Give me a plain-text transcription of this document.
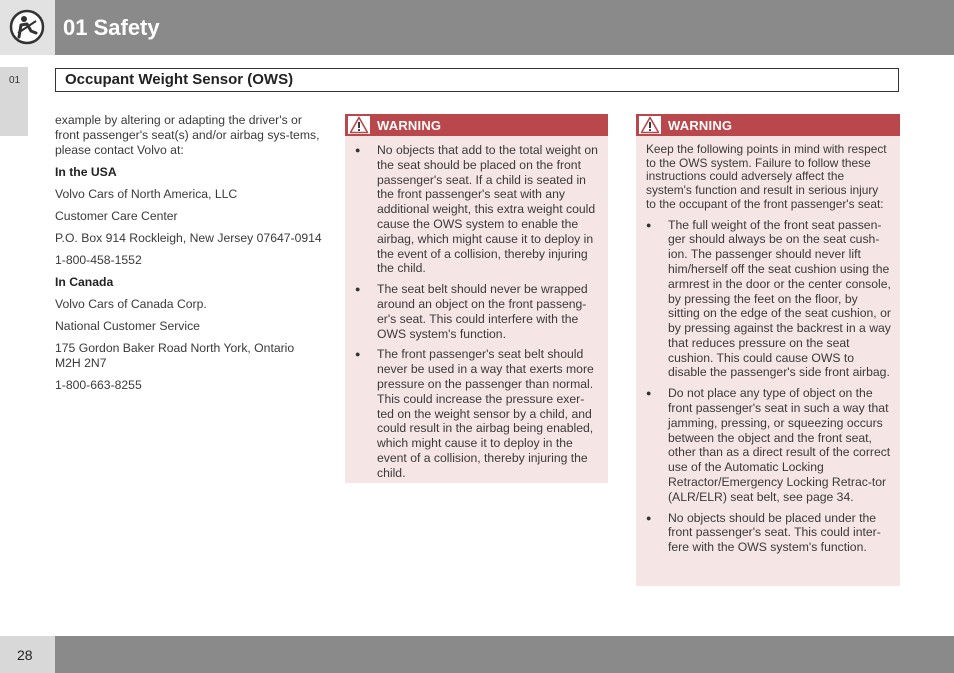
01 Safety
01	Occupant Weight Sensor (OWS)

example by altering or adapting the driver's or front passenger's seat(s) and/or airbag sys-tems, please contact Volvo at:

In the USA

Volvo Cars of North America, LLC

Customer Care Center

P.O. Box 914 Rockleigh, New Jersey 07647-0914

1-800-458-1552

In Canada

Volvo Cars of Canada Corp.

National Customer Service

175 Gordon Baker Road North York, Ontario M2H 2N7

1-800-663-8255

WARNING
● No objects that add to the total weight on the seat should be placed on the front passenger's seat. If a child is seated in the front passenger's seat with any additional weight, this extra weight could cause the OWS system to enable the airbag, which might cause it to deploy in the event of a collision, thereby injuring the child.
● The seat belt should never be wrapped around an object on the front passeng-er's seat. This could interfere with the OWS system's function.
● The front passenger's seat belt should never be used in a way that exerts more pressure on the passenger than normal. This could increase the pressure exer-ted on the weight sensor by a child, and could result in the airbag being enabled, which might cause it to deploy in the event of a collision, thereby injuring the child.
WARNING

Keep the following points in mind with respect to the OWS system. Failure to follow these instructions could adversely affect the system's function and result in serious injury to the occupant of the front passenger's seat:

● The full weight of the front seat passen-ger should always be on the seat cush-ion. The passenger should never lift him/herself off the seat cushion using the armrest in the door or the center console, by pressing the feet on the floor, by sitting on the edge of the seat cushion, or by pressing against the backrest in a way that reduces pressure on the seat cushion. This could cause OWS to disable the passenger's side front airbag.
● Do not place any type of object on the front passenger's seat in such a way that jamming, pressing, or squeezing occurs between the object and the front seat, other than as a direct result of the correct use of the Automatic Locking Retractor/Emergency Locking Retrac-tor (ALR/ELR) seat belt, see page 34.
● No objects should be placed under the front passenger's seat. This could inter-fere with the OWS system's function.
28
